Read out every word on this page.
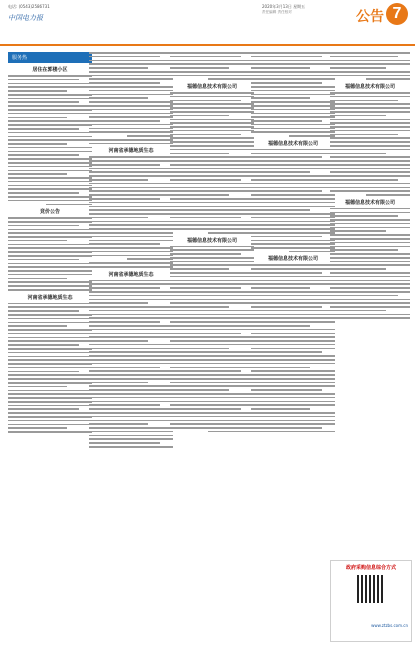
电话: (0543)2586731
中国电力报
2020年3月13日 星期五
责任编辑 责任校对	公告 7
服务热
居住在郭楼小区
竞价公告
河南省承德地质生态
河南省承德地质生态
河南省承德地质生态
福德信息技术有限公司
福德信息技术有限公司
福德信息技术有限公司
福德信息技术有限公司
福德信息技术有限公司
福德信息技术有限公司
政府采购信息综合方式
www.ztzbs.com.cn
